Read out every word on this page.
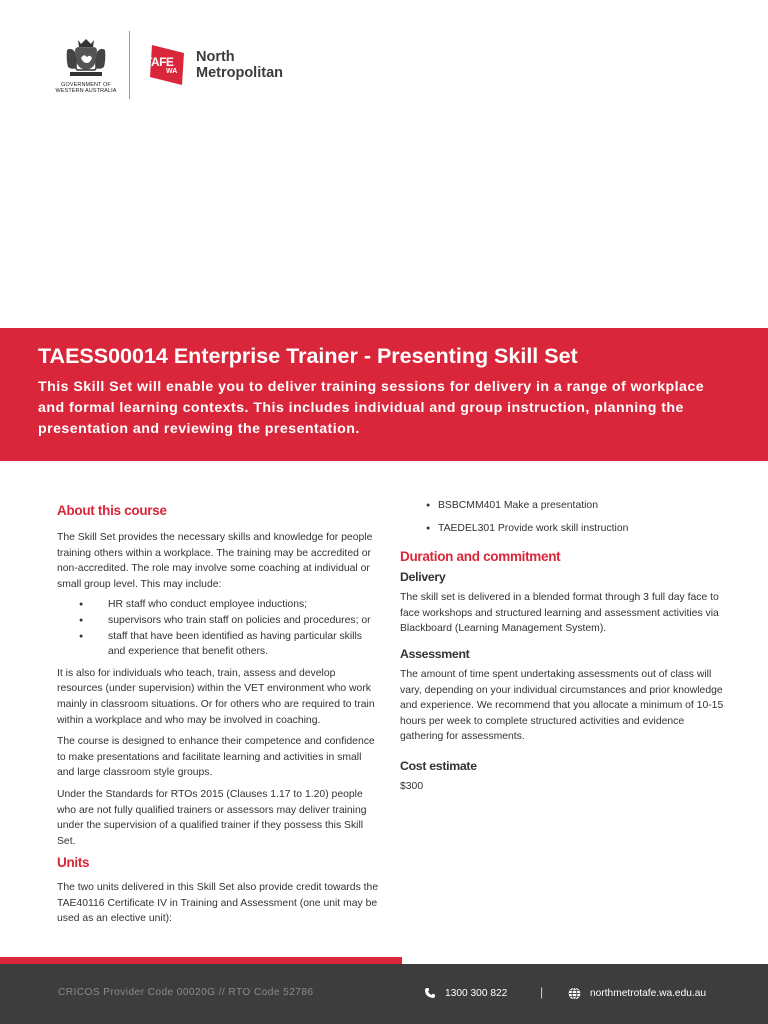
GOVERNMENT OF
WESTERN AUSTRALIA
TAFE
WA
North
Metropolitan
TAESS00014 Enterprise Trainer - Presenting Skill Set

This Skill Set will enable you to deliver training sessions for delivery in a range of workplace and formal learning contexts. This includes individual and group instruction, planning the presentation and reviewing the presentation.

About this course
The Skill Set provides the necessary skills and knowledge for people training others within a workplace. The training may be accredited or non-accredited. The role may involve some coaching at individual or small group level. This may include:
● HR staff who conduct employee inductions;
● supervisors who train staff on policies and procedures; or
● staff that have been identified as having particular skills and experience that benefit others.
It is also for individuals who teach, train, assess and develop resources (under supervision) within the VET environment who work mainly in classroom situations. Or for others who are required to train within a workplace and who may be involved in coaching.
The course is designed to enhance their competence and confidence to make presentations and facilitate learning and activities in small and large classroom style groups.
Under the Standards for RTOs 2015 (Clauses 1.17 to 1.20) people who are not fully qualified trainers or assessors may deliver training under the supervision of a qualified trainer if they possess this Skill Set.
Units
The two units delivered in this Skill Set also provide credit towards the TAE40116 Certificate IV in Training and Assessment (one unit may be used as an elective unit):
● BSBCMM401 Make a presentation
● TAEDEL301 Provide work skill instruction
Duration and commitment
Delivery
The skill set is delivered in a blended format through 3 full day face to face workshops and structured learning and assessment activities via Blackboard (Learning Management System).
Assessment
The amount of time spent undertaking assessments out of class will vary, depending on your individual circumstances and prior knowledge and experience. We recommend that you allocate a minimum of 10-15 hours per week to complete structured activities and evidence gathering for assessments.
Cost estimate
$300
CRICOS Provider Code 00020G // RTO Code 52786	1300 300 822	|	northmetrotafe.wa.edu.au
